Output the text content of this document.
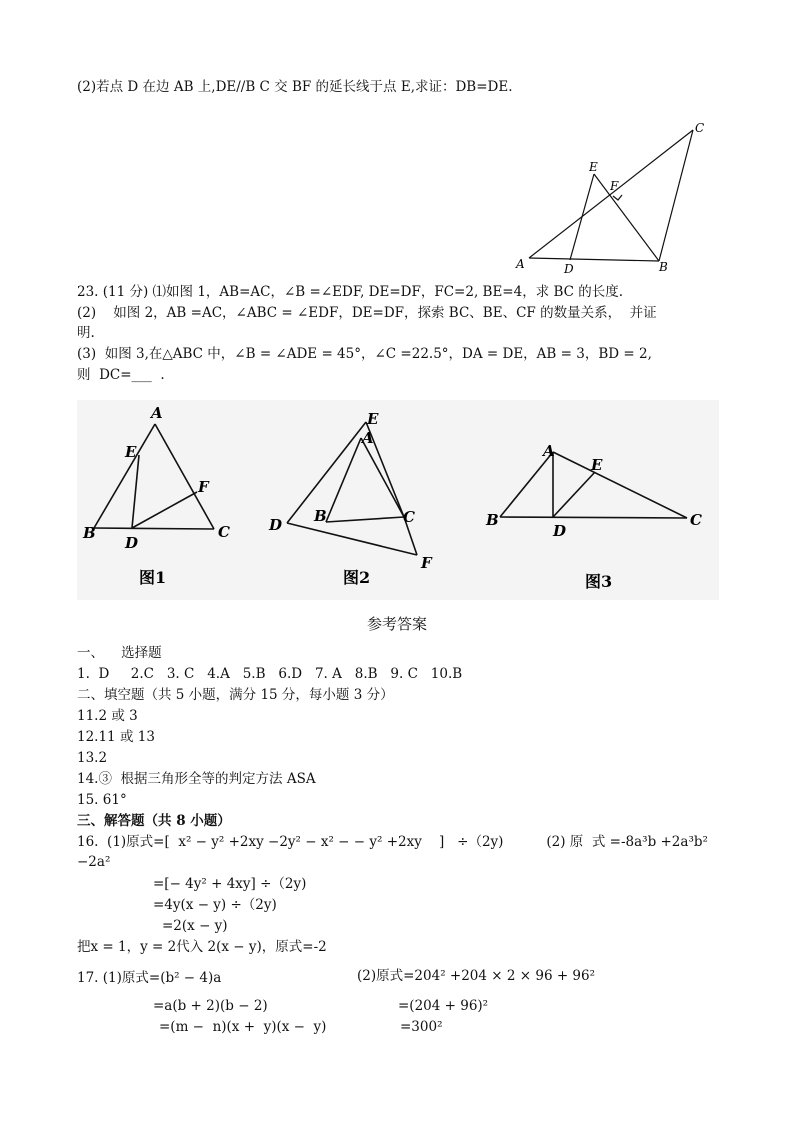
(2)若点 D 在边 AB 上,DE//B C 交 BF 的延长线于点 E,求证：DB=DE.
C
E
F
A	D	B
23. (11 分) ⑴如图 1，AB=AC，∠B =∠EDF, DE=DF，FC=2, BE=4，求 BC 的长度.
(2)    如图 2，AB =AC，∠ABC = ∠EDF，DE=DF，探索 BC、BE、CF 的数量关系，  并证
明.
(3)  如图 3,在△ABC 中，∠B = ∠ADE = 45°，∠C =22.5°，DA = DE，AB = 3，BD = 2,
则  DC=___  .
A
E
F
B
D
C
图1
E
A
B	C
D
F
图2
A
E
B
D
C
图3
参考答案
一、    选择题
1.  D     2.C   3. C   4.A   5.B   6.D   7. A   8.B   9. C   10.B
二、填空题（共 5 小题，满分 15 分，每小题 3 分）
11.2 或 3
12.11 或 13
13.2
14.③  根据三角形全等的判定方法 ASA
15. 61°
三、解答题（共 8 小题）
16.  (1)原式=[  x² − y² +2xy −2y² − x² − − y² +2xy    ]   ÷（2y)          (2) 原  式 =-8a³b +2a³b²
−2a²
=[− 4y² + 4xy] ÷（2y)
=4y(x − y) ÷（2y)
=2(x − y)
把x = 1，y = 2代入 2(x − y)，原式=-2
17. (1)原式=(b² − 4)a	(2)原式=204² +204 × 2 × 96 + 96²
=a(b + 2)(b − 2)	=(204 + 96)²
=(m −  n)(x +  y)(x −  y)	=300²
